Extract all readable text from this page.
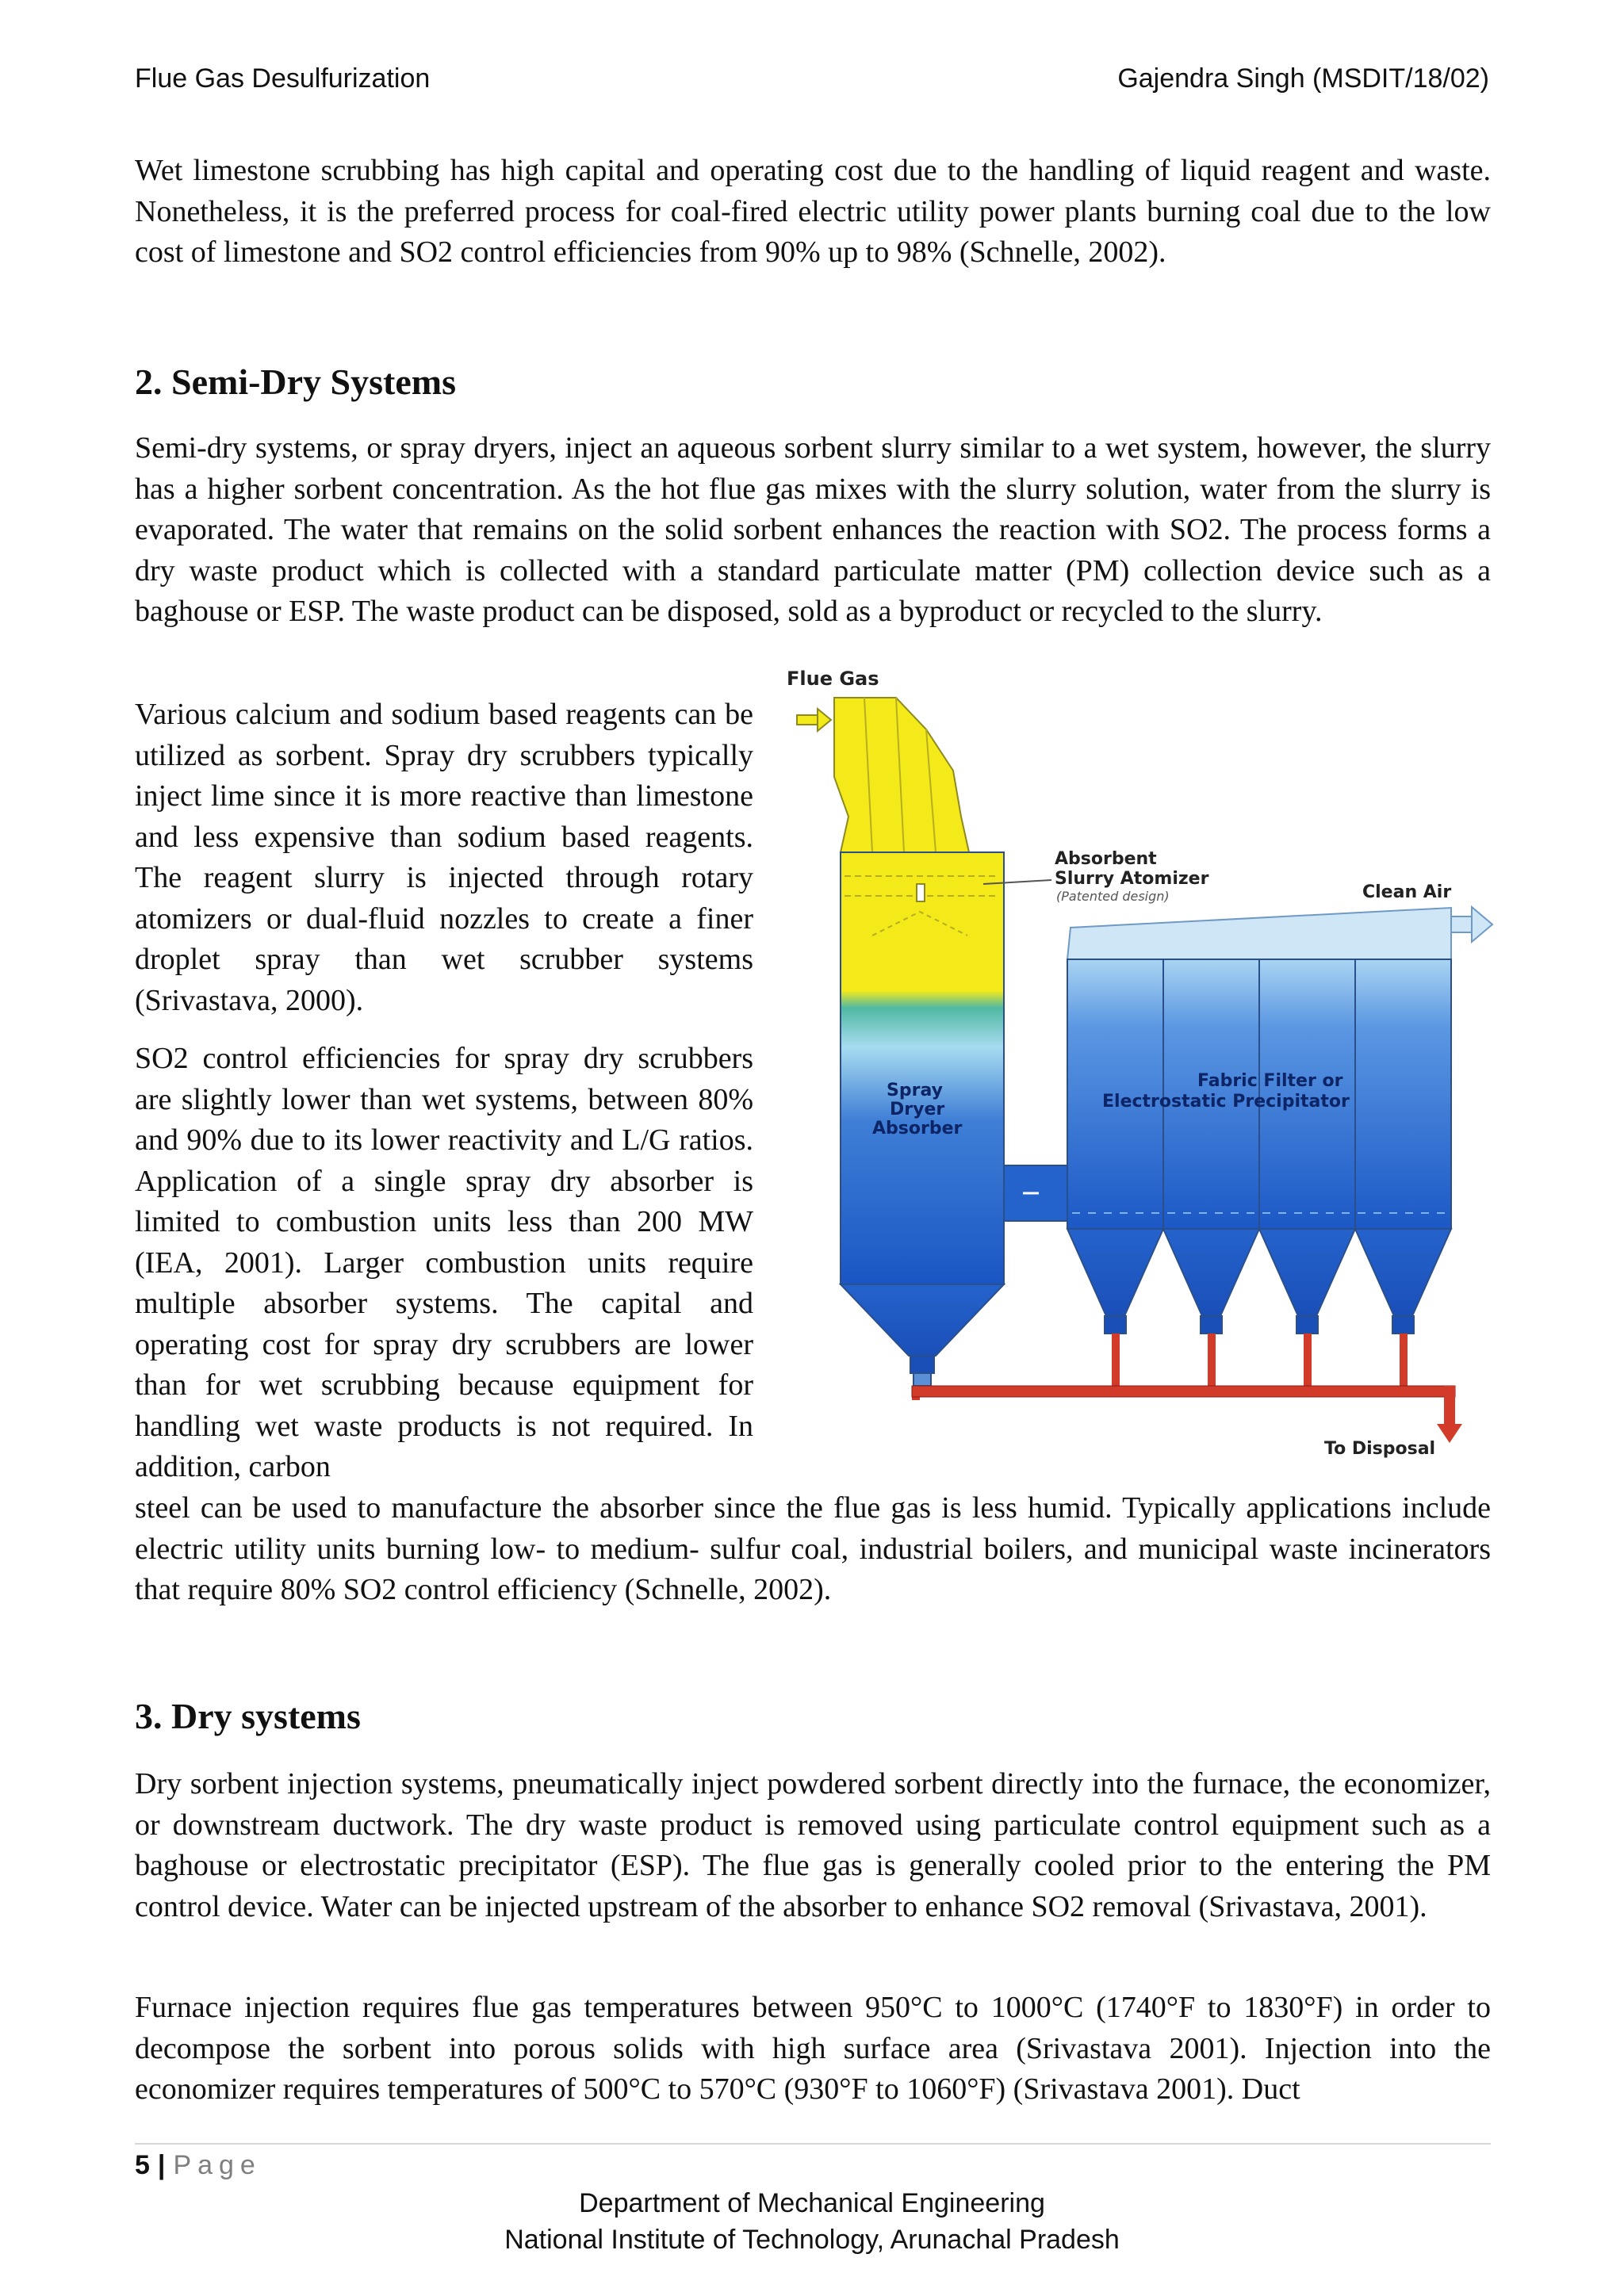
Flue Gas Desulfurization	Gajendra Singh (MSDIT/18/02)

Wet limestone scrubbing has high capital and operating cost due to the handling of liquid reagent and waste. Nonetheless, it is the preferred process for coal-fired electric utility power plants burning coal due to the low cost of limestone and SO2 control efficiencies from 90% up to 98% (Schnelle, 2002).

2. Semi-Dry Systems

Semi-dry systems, or spray dryers, inject an aqueous sorbent slurry similar to a wet system, however, the slurry has a higher sorbent concentration. As the hot flue gas mixes with the slurry solution, water from the slurry is evaporated. The water that remains on the solid sorbent enhances the reaction with SO2. The process forms a dry waste product which is collected with a standard particulate matter (PM) collection device such as a baghouse or ESP. The waste product can be disposed, sold as a byproduct or recycled to the slurry.

Various calcium and sodium based reagents can be utilized as sorbent. Spray dry scrubbers typically inject lime since it is more reactive than limestone and less expensive than sodium based reagents. The reagent slurry is injected through rotary atomizers or dual-fluid nozzles to create a finer droplet spray than wet scrubber systems (Srivastava, 2000).

SO2 control efficiencies for spray dry scrubbers are slightly lower than wet systems, between 80% and 90% due to its lower reactivity and L/G ratios. Application of a single spray dry absorber is limited to combustion units less than 200 MW (IEA, 2001). Larger combustion units require multiple absorber systems. The capital and operating cost for spray dry scrubbers are lower than for wet scrubbing because equipment for handling wet waste products is not required. In addition, carbon

steel can be used to manufacture the absorber since the flue gas is less humid. Typically applications include electric utility units burning low- to medium- sulfur coal, industrial boilers, and municipal waste incinerators that require 80% SO2 control efficiency (Schnelle, 2002).

3. Dry systems

Dry sorbent injection systems, pneumatically inject powdered sorbent directly into the furnace, the economizer, or downstream ductwork. The dry waste product is removed using particulate control equipment such as a baghouse or electrostatic precipitator (ESP). The flue gas is generally cooled prior to the entering the PM control device. Water can be injected upstream of the absorber to enhance SO2 removal (Srivastava, 2001).

Furnace injection requires flue gas temperatures between 950°C to 1000°C (1740°F to 1830°F) in order to decompose the sorbent into porous solids with high surface area (Srivastava 2001). Injection into the economizer requires temperatures of 500°C to 570°C (930°F to 1060°F) (Srivastava 2001). Duct

Flue Gas
Absorbent
Slurry Atomizer
(Patented design)	Clean Air
Fabric Filter or
Electrostatic Precipitator
Spray
Dryer
Absorber
To Disposal
5 | Page
Department of Mechanical Engineering
National Institute of Technology, Arunachal Pradesh
